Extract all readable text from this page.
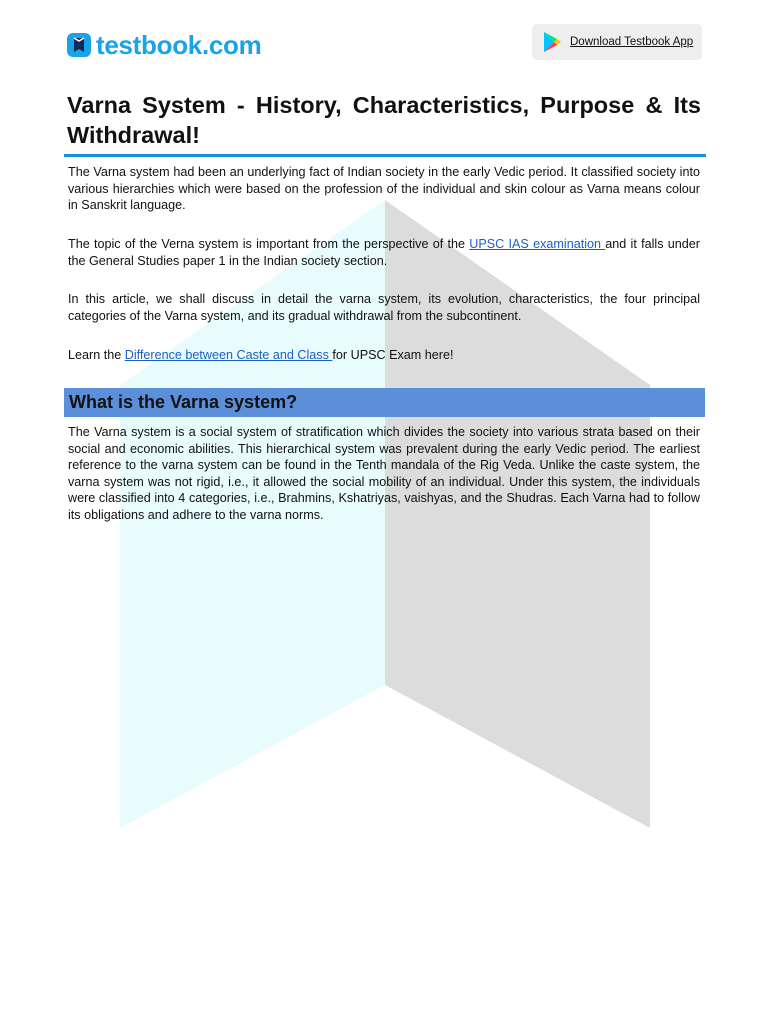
testbook.com	Download Testbook App
Varna System - History, Characteristics, Purpose & Its Withdrawal!

The Varna system had been an underlying fact of Indian society in the early Vedic period. It classified society into various hierarchies which were based on the profession of the individual and skin colour as Varna means colour in Sanskrit language.

The topic of the Verna system is important from the perspective of the UPSC IAS examination and it falls under the General Studies paper 1 in the Indian society section.

In this article, we shall discuss in detail the varna system, its evolution, characteristics, the four principal categories of the Varna system, and its gradual withdrawal from the subcontinent.

Learn the Difference between Caste and Class for UPSC Exam here!

What is the Varna system?

The Varna system is a social system of stratification which divides the society into various strata based on their social and economic abilities. This hierarchical system was prevalent during the early Vedic period. The earliest reference to the varna system can be found in the Tenth mandala of the Rig Veda. Unlike the caste system, the varna system was not rigid, i.e., it allowed the social mobility of an individual. Under this system, the individuals were classified into 4 categories, i.e., Brahmins, Kshatriyas, vaishyas, and the Shudras. Each Varna had to follow its obligations and adhere to the varna norms.
